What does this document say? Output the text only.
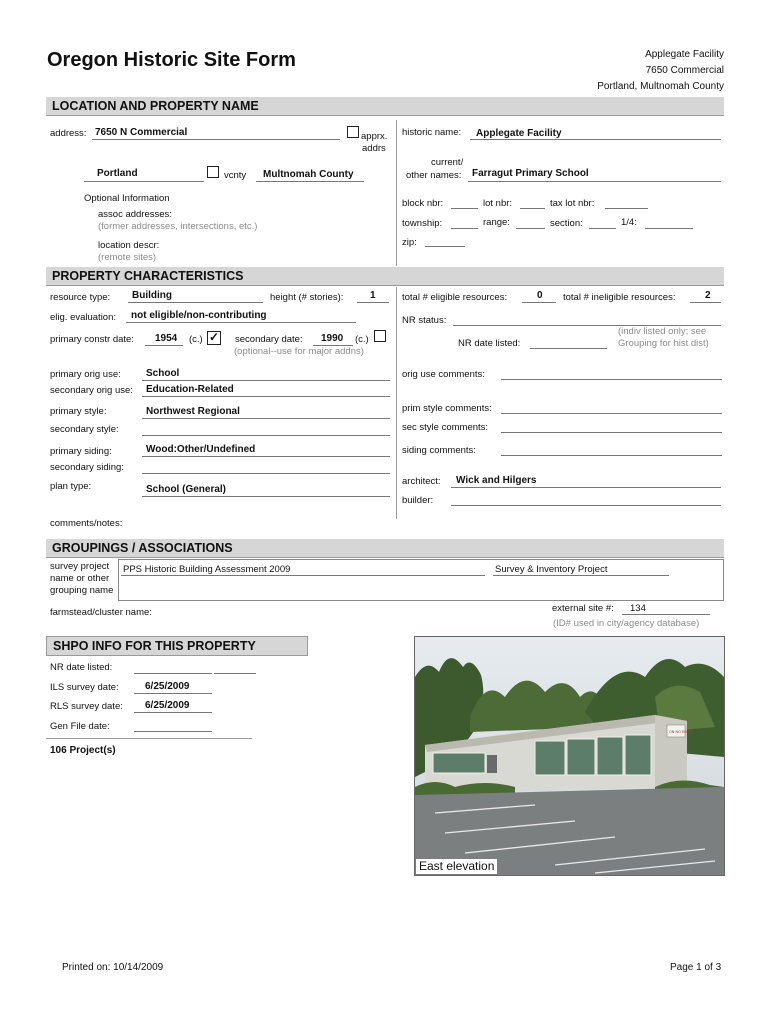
Oregon Historic Site Form	Applegate Facility
7650 Commercial
Portland, Multnomah County
LOCATION AND PROPERTY NAME
address: 7650 N Commercial	apprx.
addrs
Portland	vcnty Multnomah County
Optional Information
assoc addresses:
(former addresses, intersections, etc.)
location descr:
(remote sites)
historic name: Applegate Facility
current/
other names: Farragut Primary School
block nbr:	lot nbr:	tax lot nbr:
township:	range:	section:	1/4:
zip:
PROPERTY CHARACTERISTICS
resource type: Building	height (# stories):	1	total # eligible resources:	0 total # ineligible resources:	2
elig. evaluation: not eligible/non-contributing	NR status:
primary constr date: 1954 (c.) ✓ secondary date: 1990 (c.)
(optional--use for major addns)
NR date listed:
(indiv listed only; see
Grouping for hist dist)
primary orig use:	School
secondary orig use: Education-Related
orig use comments:
primary style:	Northwest Regional
secondary style:
prim style comments:
sec style comments:
primary siding:	Wood:Other/Undefined
secondary siding:
siding comments:
plan type:	School (General)
architect: Wick and Hilgers
builder:
comments/notes:
GROUPINGS / ASSOCIATIONS
survey project
name or other
grouping name
PPS Historic Building Assessment 2009	Survey & Inventory Project
farmstead/cluster name:	external site #: 134
(ID# used in city/agency database)
SHPO INFO FOR THIS PROPERTY
NR date listed:
ILS survey date:	6/25/2009
RLS survey date: 6/25/2009
Gen File date:
106 Project(s)
ON NO ENTER
East elevation
Printed on: 10/14/2009	Page 1 of 3
